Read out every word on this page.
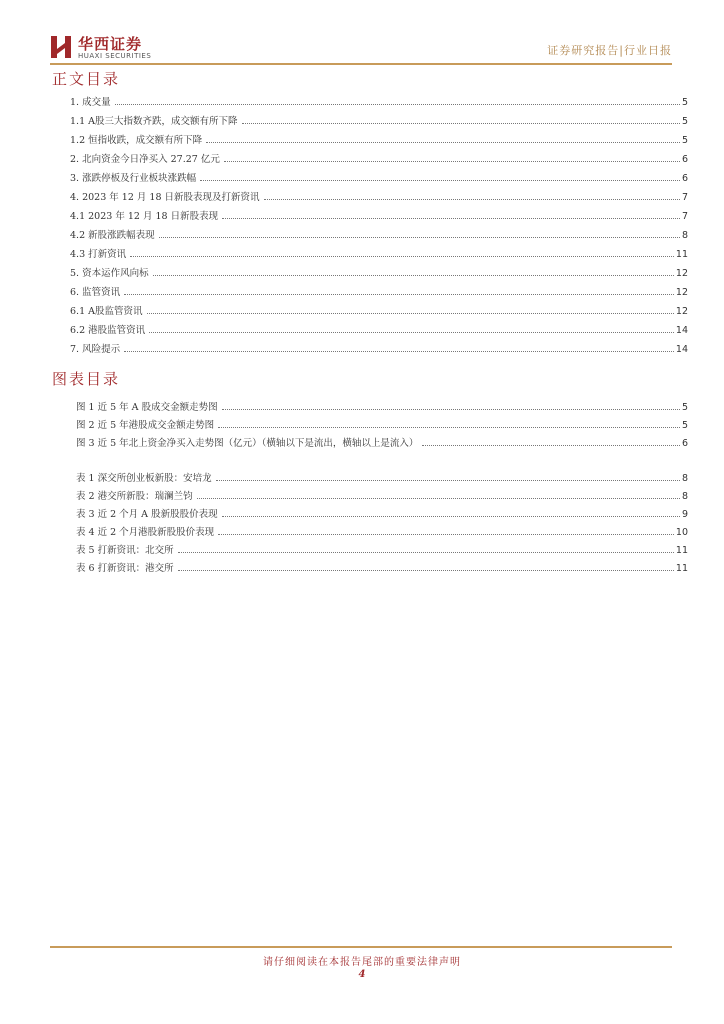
华西证券
HUAXI SECURITIES	证券研究报告|行业日报
正文目录
1. 成交量	5
1.1 A股三大指数齐跌，成交额有所下降	5
1.2 恒指收跌，成交额有所下降	5
2. 北向资金今日净买入 27.27 亿元	6
3. 涨跌停板及行业板块涨跌幅	6
4. 2023 年 12 月 18 日新股表现及打新资讯	7
4.1 2023 年 12 月 18 日新股表现	7
4.2 新股涨跌幅表现	8
4.3 打新资讯	11
5. 资本运作风向标	12
6. 监管资讯	12
6.1 A股监管资讯	12
6.2 港股监管资讯	14
7. 风险提示	14
图表目录
图 1 近 5 年 A 股成交金额走势图	5
图 2 近 5 年港股成交金额走势图	5
图 3 近 5 年北上资金净买入走势图（亿元）（横轴以下是流出，横轴以上是流入）	6
表 1 深交所创业板新股：安培龙	8
表 2 港交所新股：瑞澜兰钧	8
表 3 近 2 个月 A 股新股股价表现	9
表 4 近 2 个月港股新股股价表现	10
表 5 打新资讯：北交所	11
表 6 打新资讯：港交所	11
请仔细阅读在本报告尾部的重要法律声明
4
